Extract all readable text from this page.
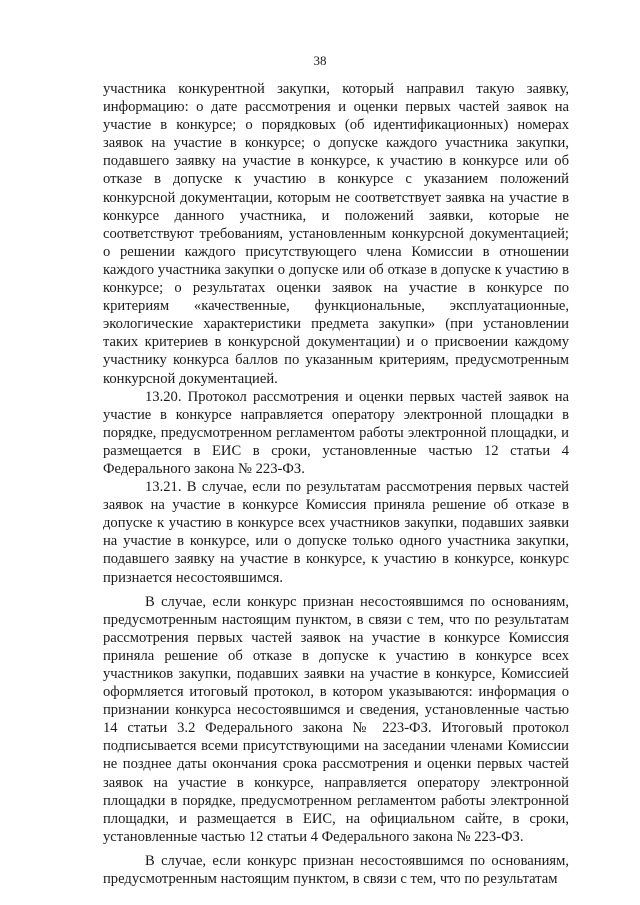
38

участника конкурентной закупки, который направил такую заявку, информацию: о дате рассмотрения и оценки первых частей заявок на участие в конкурсе; о порядковых (об идентификационных) номерах заявок на участие в конкурсе; о допуске каждого участника закупки, подавшего заявку на участие в конкурсе, к участию в конкурсе или об отказе в допуске к участию в конкурсе с указанием положений конкурсной документации, которым не соответствует заявка на участие в конкурсе данного участника, и положений заявки, которые не соответствуют требованиям, установленным конкурсной документацией; о решении каждого присутствующего члена Комиссии в отношении каждого участника закупки о допуске или об отказе в допуске к участию в конкурсе; о результатах оценки заявок на участие в конкурсе по критериям «качественные, функциональные, эксплуатационные, экологические характеристики предмета закупки» (при установлении таких критериев в конкурсной документации) и о присвоении каждому участнику конкурса баллов по указанным критериям, предусмотренным конкурсной документацией.

13.20. Протокол рассмотрения и оценки первых частей заявок на участие в конкурсе направляется оператору электронной площадки в порядке, предусмотренном регламентом работы электронной площадки, и размещается в ЕИС в сроки, установленные частью 12 статьи 4 Федерального закона № 223-ФЗ.

13.21. В случае, если по результатам рассмотрения первых частей заявок на участие в конкурсе Комиссия приняла решение об отказе в допуске к участию в конкурсе всех участников закупки, подавших заявки на участие в конкурсе, или о допуске только одного участника закупки, подавшего заявку на участие в конкурсе, к участию в конкурсе, конкурс признается несостоявшимся.

В случае, если конкурс признан несостоявшимся по основаниям, предусмотренным настоящим пунктом, в связи с тем, что по результатам рассмотрения первых частей заявок на участие в конкурсе Комиссия приняла решение об отказе в допуске к участию в конкурсе всех участников закупки, подавших заявки на участие в конкурсе, Комиссией оформляется итоговый протокол, в котором указываются: информация о признании конкурса несостоявшимся и сведения, установленные частью 14 статьи 3.2 Федерального закона № 223-ФЗ. Итоговый протокол подписывается всеми присутствующими на заседании членами Комиссии не позднее даты окончания срока рассмотрения и оценки первых частей заявок на участие в конкурсе, направляется оператору электронной площадки в порядке, предусмотренном регламентом работы электронной площадки, и размещается в ЕИС, на официальном сайте, в сроки, установленные частью 12 статьи 4 Федерального закона № 223-ФЗ.

В случае, если конкурс признан несостоявшимся по основаниям, предусмотренным настоящим пунктом, в связи с тем, что по результатам
